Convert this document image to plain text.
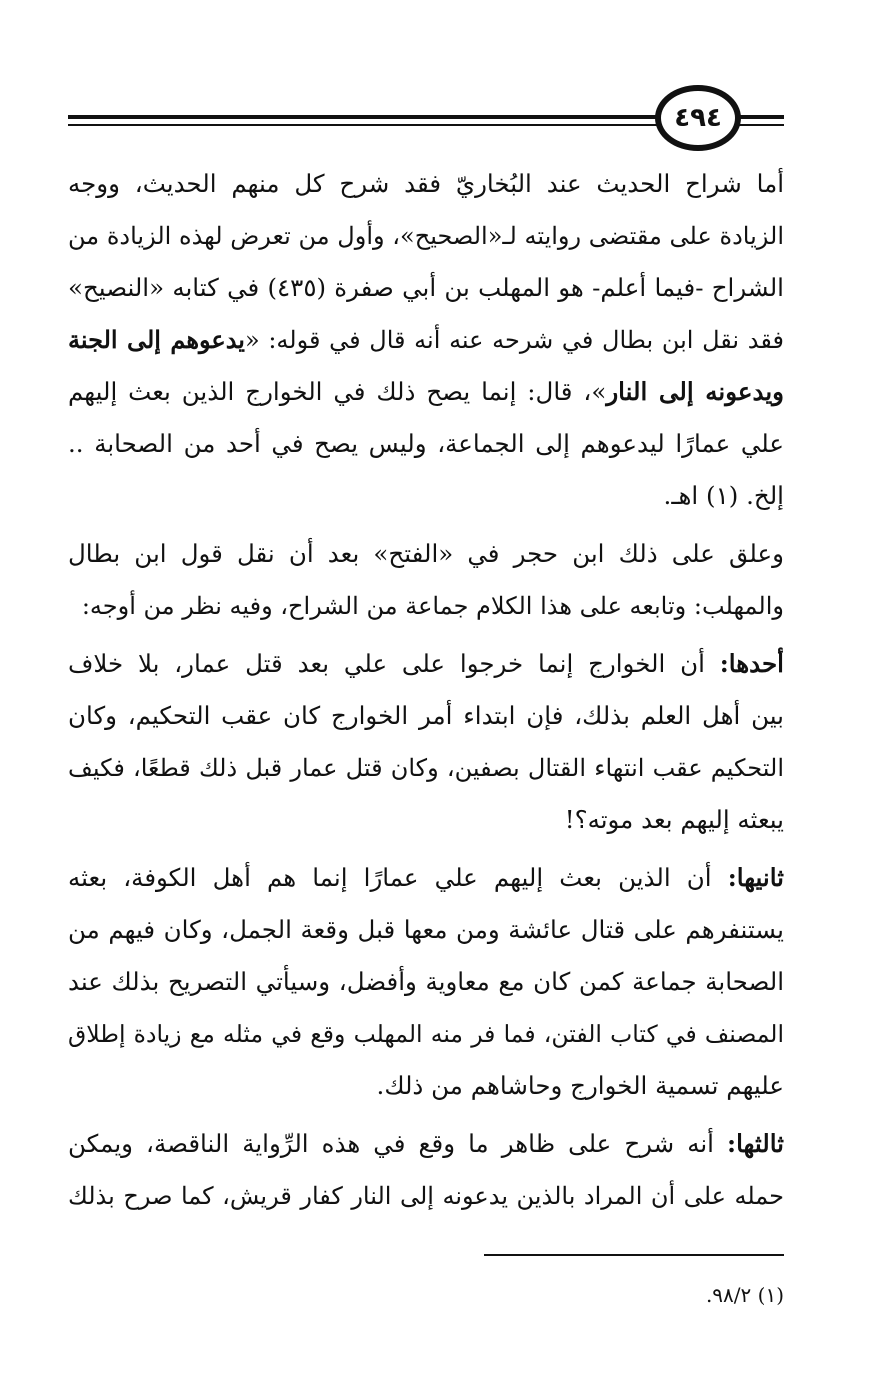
٤٩٤
أما شراح الحديث عند البُخاريّ فقد شرح كل منهم الحديث، ووجه
الزيادة على مقتضى روايته لـ«الصحيح»، وأول من تعرض لهذه الزيادة من
الشراح -فيما أعلم- هو المهلب بن أبي صفرة (٤٣٥) في كتابه «النصيح»
فقد نقل ابن بطال في شرحه عنه أنه قال في قوله: «يدعوهم إلى الجنة
ويدعونه إلى النار»، قال: إنما يصح ذلك في الخوارج الذين بعث إليهم
علي عمارًا ليدعوهم إلى الجماعة، وليس يصح في أحد من الصحابة ..
إلخ. (١) اهـ.
وعلق على ذلك ابن حجر في «الفتح» بعد أن نقل قول ابن بطال
والمهلب: وتابعه على هذا الكلام جماعة من الشراح، وفيه نظر من أوجه:
أحدها: أن الخوارج إنما خرجوا على علي بعد قتل عمار، بلا خلاف
بين أهل العلم بذلك، فإن ابتداء أمر الخوارج كان عقب التحكيم، وكان
التحكيم عقب انتهاء القتال بصفين، وكان قتل عمار قبل ذلك قطعًا، فكيف
يبعثه إليهم بعد موته؟!
ثانيها: أن الذين بعث إليهم علي عمارًا إنما هم أهل الكوفة، بعثه
يستنفرهم على قتال عائشة ومن معها قبل وقعة الجمل، وكان فيهم من
الصحابة جماعة كمن كان مع معاوية وأفضل، وسيأتي التصريح بذلك عند
المصنف في كتاب الفتن، فما فر منه المهلب وقع في مثله مع زيادة إطلاق
عليهم تسمية الخوارج وحاشاهم من ذلك.
ثالثها: أنه شرح على ظاهر ما وقع في هذه الرِّواية الناقصة، ويمكن
حمله على أن المراد بالذين يدعونه إلى النار كفار قريش، كما صرح بذلك
(١) ٩٨/٢.
